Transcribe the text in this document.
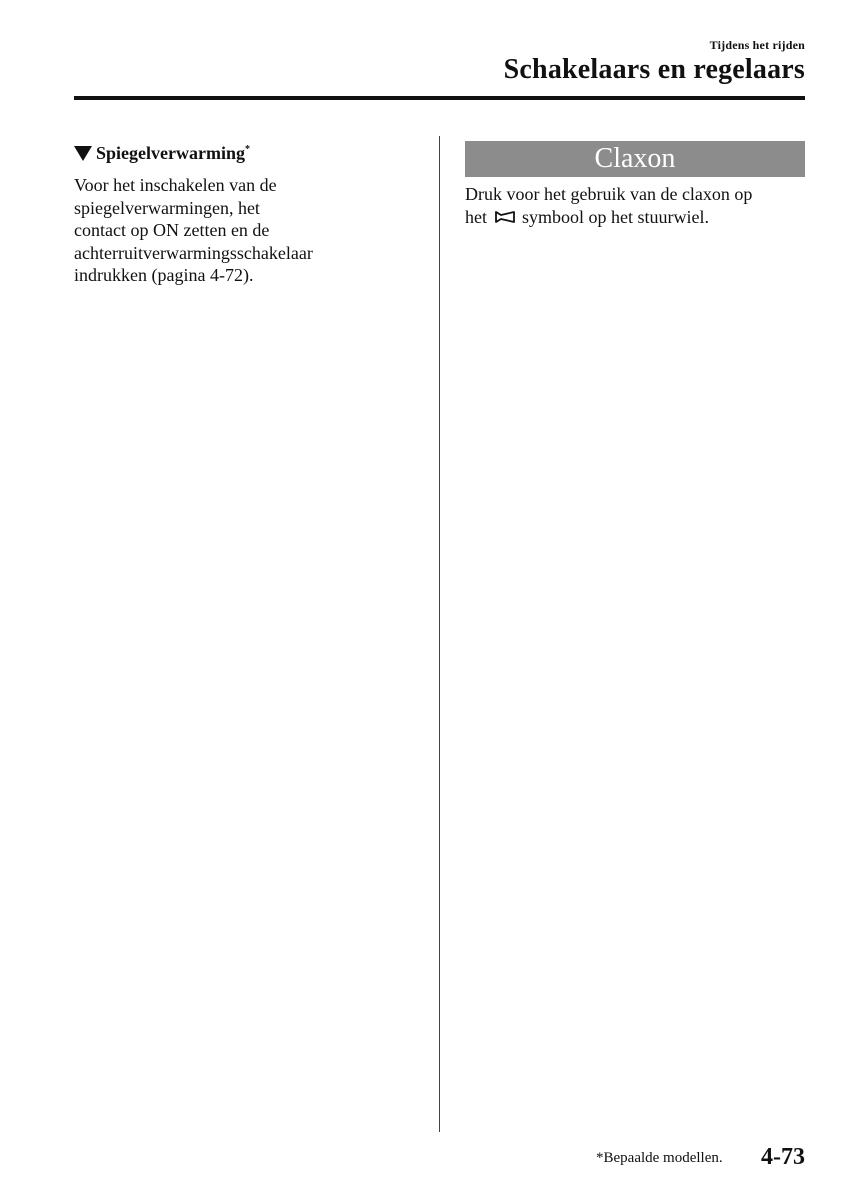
Tijdens het rijden
Schakelaars en regelaars
Spiegelverwarming*
Voor het inschakelen van de
spiegelverwarmingen, het
contact op ON zetten en de
achterruitverwarmingsschakelaar
indrukken (pagina 4-72).
Claxon
Druk voor het gebruik van de claxon op
het symbool op het stuurwiel.
*Bepaalde modellen. 4-73
